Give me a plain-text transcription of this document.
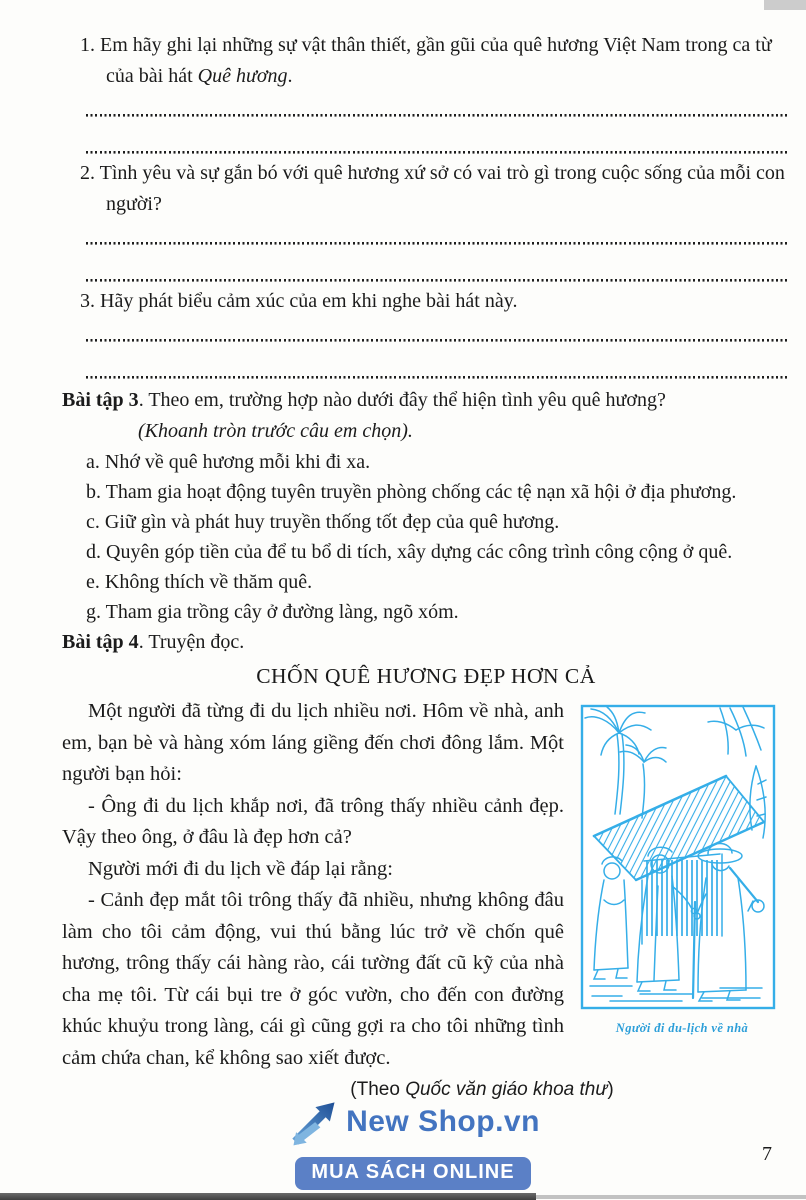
1. Em hãy ghi lại những sự vật thân thiết, gần gũi của quê hương Việt Nam trong ca từ của bài hát Quê hương.

2. Tình yêu và sự gắn bó với quê hương xứ sở có vai trò gì trong cuộc sống của mỗi con người?

3. Hãy phát biểu cảm xúc của em khi nghe bài hát này.

Bài tập 3. Theo em, trường hợp nào dưới đây thể hiện tình yêu quê hương?

(Khoanh tròn trước câu em chọn).

a. Nhớ về quê hương mỗi khi đi xa.

b. Tham gia hoạt động tuyên truyền phòng chống các tệ nạn xã hội ở địa phương.

c. Giữ gìn và phát huy truyền thống tốt đẹp của quê hương.

d. Quyên góp tiền của để tu bổ di tích, xây dựng các công trình công cộng ở quê.

e. Không thích về thăm quê.

g. Tham gia trồng cây ở đường làng, ngõ xóm.

Bài tập 4. Truyện đọc.

CHỐN QUÊ HƯƠNG ĐẸP HƠN CẢ

Một người đã từng đi du lịch nhiều nơi. Hôm về nhà, anh em, bạn bè và hàng xóm láng giềng đến chơi đông lắm. Một người bạn hỏi:

- Ông đi du lịch khắp nơi, đã trông thấy nhiều cảnh đẹp. Vậy theo ông, ở đâu là đẹp hơn cả?

Người mới đi du lịch về đáp lại rằng:

- Cảnh đẹp mắt tôi trông thấy đã nhiều, nhưng không đâu làm cho tôi cảm động, vui thú bằng lúc trở về chốn quê hương, trông thấy cái hàng rào, cái tường đất cũ kỹ của nhà cha mẹ tôi. Từ cái bụi tre ở góc vườn, cho đến con đường khúc khuỷu trong làng, cái gì cũng gợi ra cho tôi những tình cảm chứa chan, kể không sao xiết được.

Người đi du-lịch về nhà

(Theo Quốc văn giáo khoa thư)

New Shop.vn
MUA SÁCH ONLINE
7
